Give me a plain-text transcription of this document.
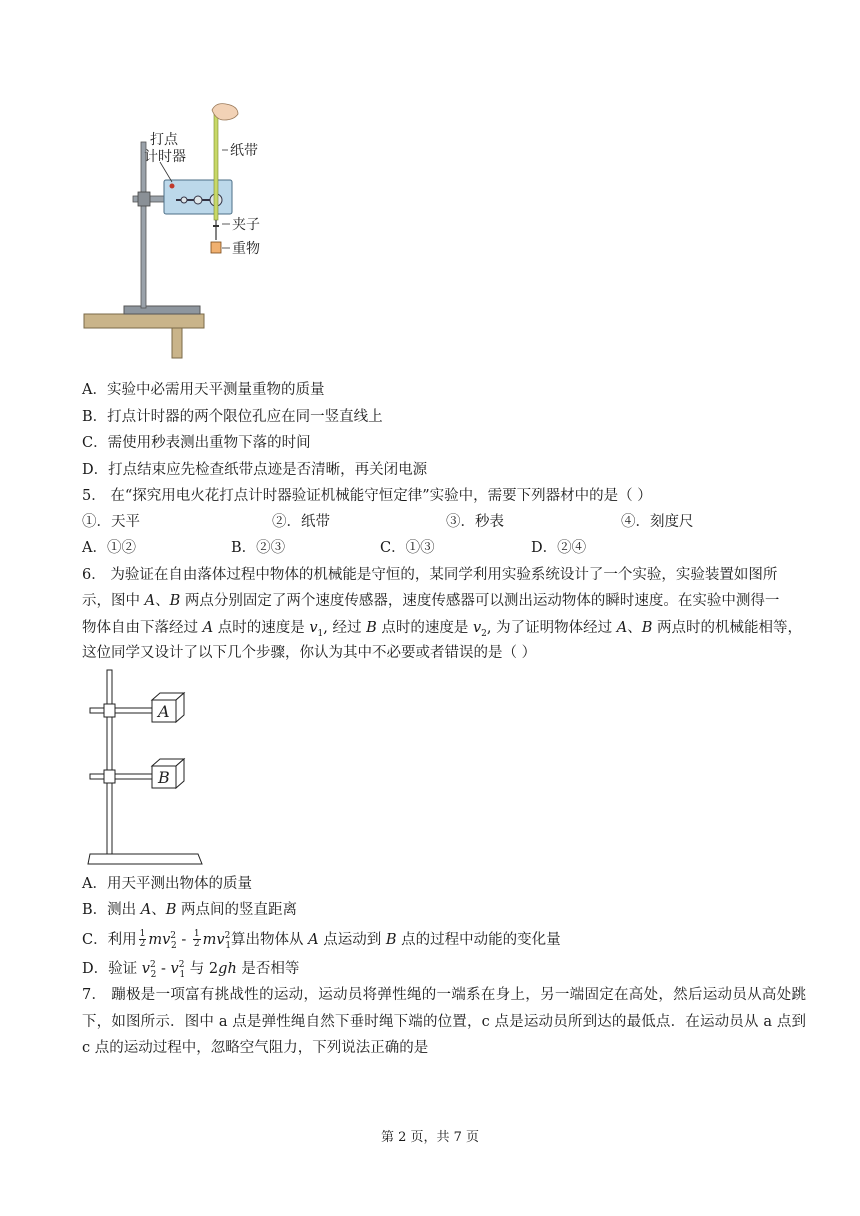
打点
计时器	纸带
夹子
重物
A．实验中必需用天平测量重物的质量
B．打点计时器的两个限位孔应在同一竖直线上
C．需使用秒表测出重物下落的时间
D．打点结束应先检查纸带点迹是否清晰，再关闭电源
5． 在“探究用电火花打点计时器验证机械能守恒定律”实验中，需要下列器材中的是（ ）
①．天平	②．纸带	③．秒表	④．刻度尺
A．①②	B．②③	C．①③	D．②④
6． 为验证在自由落体过程中物体的机械能是守恒的，某同学利用实验系统设计了一个实验，实验装置如图所
示，图中 A、B 两点分别固定了两个速度传感器，速度传感器可以测出运动物体的瞬时速度。在实验中测得一
物体自由下落经过 A 点时的速度是 $v_1$, 经过 B 点时的速度是 $v_2$, 为了证明物体经过 A、B 两点时的机械能相等，
这位同学又设计了以下几个步骤，你认为其中不必要或者错误的是（ ）
A
B
A．用天平测出物体的质量
B．测出 A、B 两点间的竖直距离
C．利用 $\frac{1}{2} mv^2_2 - \frac{1}{2} mv^2_1$算出物体从 A 点运动到 B 点的过程中动能的变化量
D．验证 $v^2_2 - v^2_1$ 与 2gh 是否相等
7． 蹦极是一项富有挑战性的运动，运动员将弹性绳的一端系在身上，另一端固定在高处，然后运动员从高处跳下，如图所示．图中 a 点是弹性绳自然下垂时绳下端的位置，c 点是运动员所到达的最低点．在运动员从 a 点到 c 点的运动过程中，忽略空气阻力，下列说法正确的是
第 2 页，共 7 页
